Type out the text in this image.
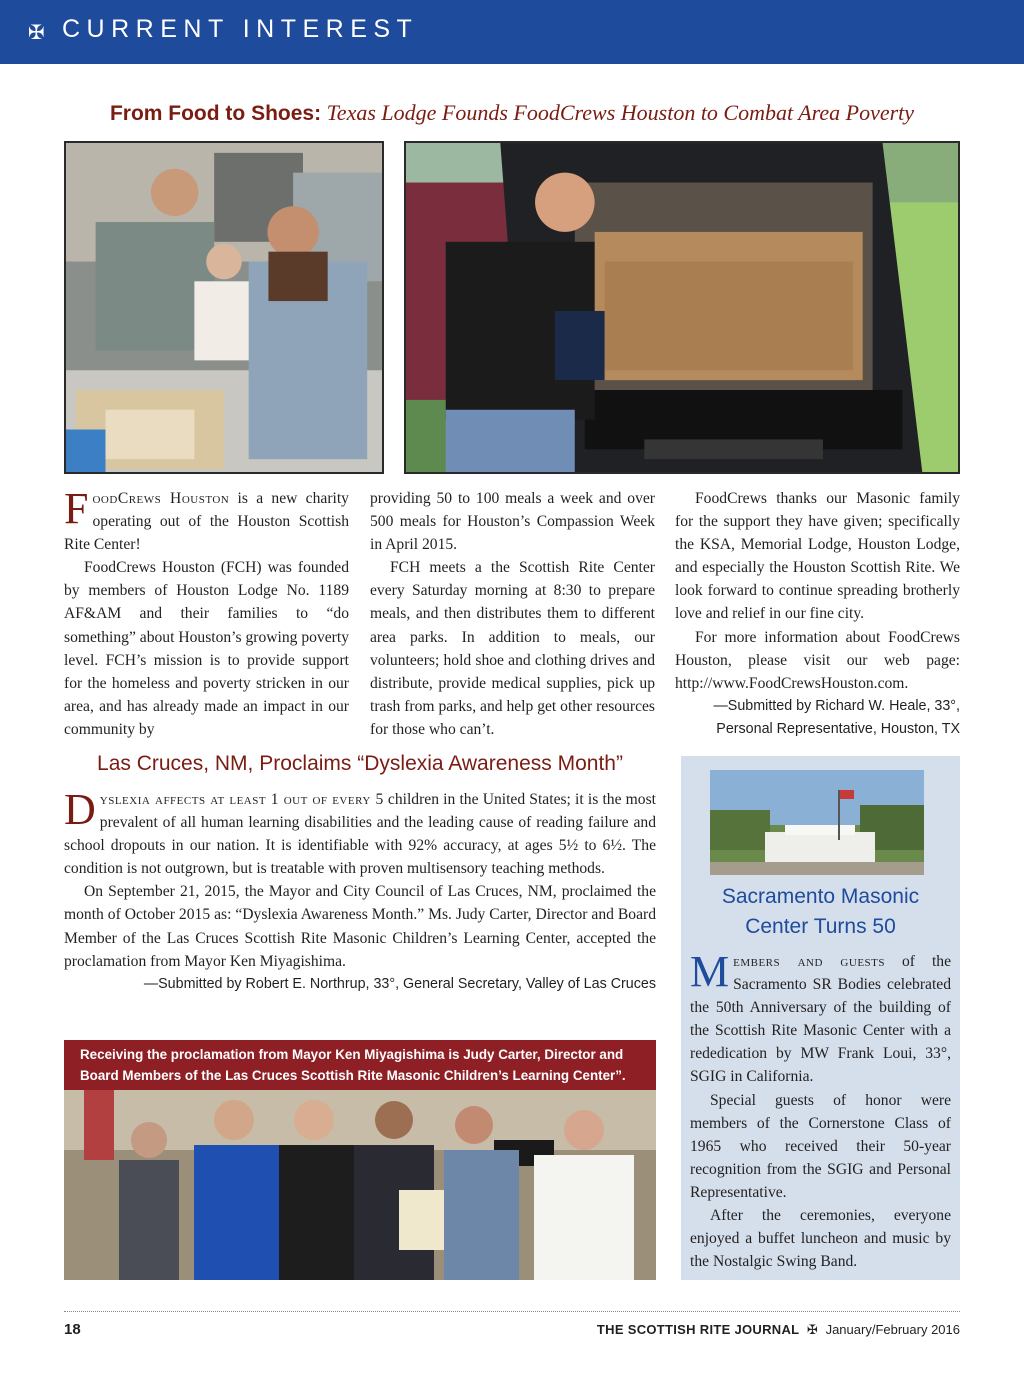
✠ CURRENT INTEREST
From Food to Shoes: Texas Lodge Founds FoodCrews Houston to Combat Area Poverty

FoodCrews Houston is a new charity operating out of the Houston Scottish Rite Center!

FoodCrews Houston (FCH) was founded by members of Houston Lodge No. 1189 AF&AM and their families to “do something” about Houston’s growing poverty level. FCH’s mission is to provide support for the homeless and poverty stricken in our area, and has already made an impact in our community by

providing 50 to 100 meals a week and over 500 meals for Houston’s Compassion Week in April 2015.

FCH meets a the Scottish Rite Center every Saturday morning at 8:30 to prepare meals, and then distributes them to different area parks. In addition to meals, our volunteers; hold shoe and clothing drives and distribute, provide medical supplies, pick up trash from parks, and help get other resources for those who can’t.

FoodCrews thanks our Masonic family for the support they have given; specifically the KSA, Memorial Lodge, Houston Lodge, and especially the Houston Scottish Rite. We look forward to continue spreading brotherly love and relief in our fine city.

For more information about FoodCrews Houston, please visit our web page: http://www.FoodCrewsHouston.com.

—Submitted by Richard W. Heale, 33°,

Personal Representative, Houston, TX

Las Cruces, NM, Proclaims “Dyslexia Awareness Month”

Dyslexia affects at least 1 out of every 5 children in the United States; it is the most prevalent of all human learning disabilities and the leading cause of reading failure and school dropouts in our nation. It is identifiable with 92% accuracy, at ages 5½ to 6½. The condition is not outgrown, but is treatable with proven multisensory teaching methods.

On September 21, 2015, the Mayor and City Council of Las Cruces, NM, proclaimed the month of October 2015 as: “Dyslexia Awareness Month.” Ms. Judy Carter, Director and Board Member of the Las Cruces Scottish Rite Masonic Children’s Learning Center, accepted the proclamation from Mayor Ken Miyagishima.

—Submitted by Robert E. Northrup, 33°, General Secretary, Valley of Las Cruces

Receiving the proclamation from Mayor Ken Miyagishima is Judy Carter, Director and Board Members of the Las Cruces Scottish Rite Masonic Children’s Learning Center”.
Sacramento Masonic
Center Turns 50

Members and guests of the Sacramento SR Bodies celebrated the 50th Anniversary of the building of the Scottish Rite Masonic Center with a rededication by MW Frank Loui, 33°, SGIG in California.

Special guests of honor were members of the Cornerstone Class of 1965 who received their 50-year recognition from the SGIG and Personal Representative.

After the ceremonies, everyone enjoyed a buffet luncheon and music by the Nostalgic Swing Band.

18	THE SCOTTISH RITE JOURNAL ✠ January/February 2016
